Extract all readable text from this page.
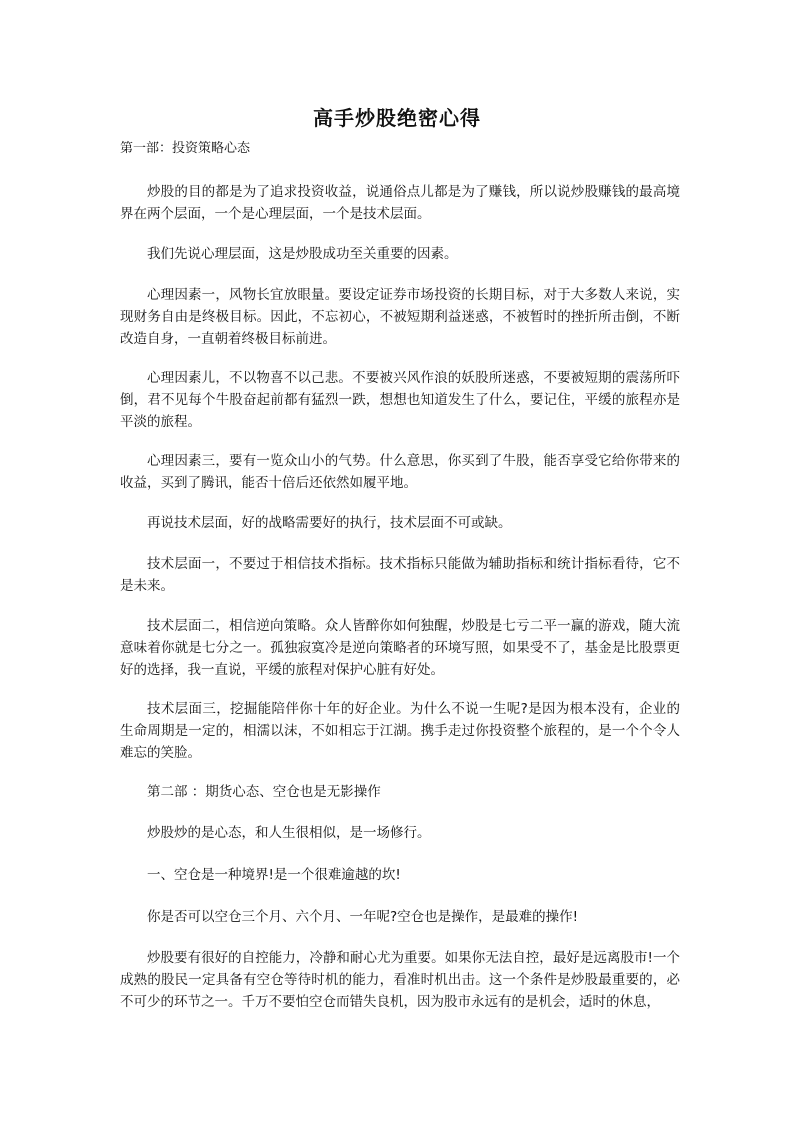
高手炒股绝密心得
第一部：投资策略心态

炒股的目的都是为了追求投资收益，说通俗点儿都是为了赚钱，所以说炒股赚钱的最高境界在两个层面，一个是心理层面，一个是技术层面。

我们先说心理层面，这是炒股成功至关重要的因素。

心理因素一，风物长宜放眼量。要设定证券市场投资的长期目标，对于大多数人来说，实现财务自由是终极目标。因此，不忘初心，不被短期利益迷惑，不被暂时的挫折所击倒，不断改造自身，一直朝着终极目标前进。

心理因素儿，不以物喜不以己悲。不要被兴风作浪的妖股所迷惑，不要被短期的震荡所吓倒，君不见每个牛股奋起前都有猛烈一跌，想想也知道发生了什么，要记住，平缓的旅程亦是平淡的旅程。

心理因素三，要有一览众山小的气势。什么意思，你买到了牛股，能否享受它给你带来的收益，买到了腾讯，能否十倍后还依然如履平地。

再说技术层面，好的战略需要好的执行，技术层面不可或缺。

技术层面一，不要过于相信技术指标。技术指标只能做为辅助指标和统计指标看待，它不是未来。

技术层面二，相信逆向策略。众人皆醉你如何独醒，炒股是七亏二平一赢的游戏，随大流意味着你就是七分之一。孤独寂寞冷是逆向策略者的环境写照，如果受不了，基金是比股票更好的选择，我一直说，平缓的旅程对保护心脏有好处。

技术层面三，挖掘能陪伴你十年的好企业。为什么不说一生呢?是因为根本没有，企业的生命周期是一定的，相濡以沫，不如相忘于江湖。携手走过你投资整个旅程的，是一个个令人难忘的笑脸。

第二部 ：期货心态、空仓也是无影操作

炒股炒的是心态，和人生很相似，是一场修行。

一、空仓是一种境界!是一个很难逾越的坎!

你是否可以空仓三个月、六个月、一年呢?空仓也是操作，是最难的操作!

炒股要有很好的自控能力，冷静和耐心尤为重要。如果你无法自控，最好是远离股市!一个成熟的股民一定具备有空仓等待时机的能力，看准时机出击。这一个条件是炒股最重要的，必不可少的环节之一。千万不要怕空仓而错失良机，因为股市永远有的是机会，适时的休息，
